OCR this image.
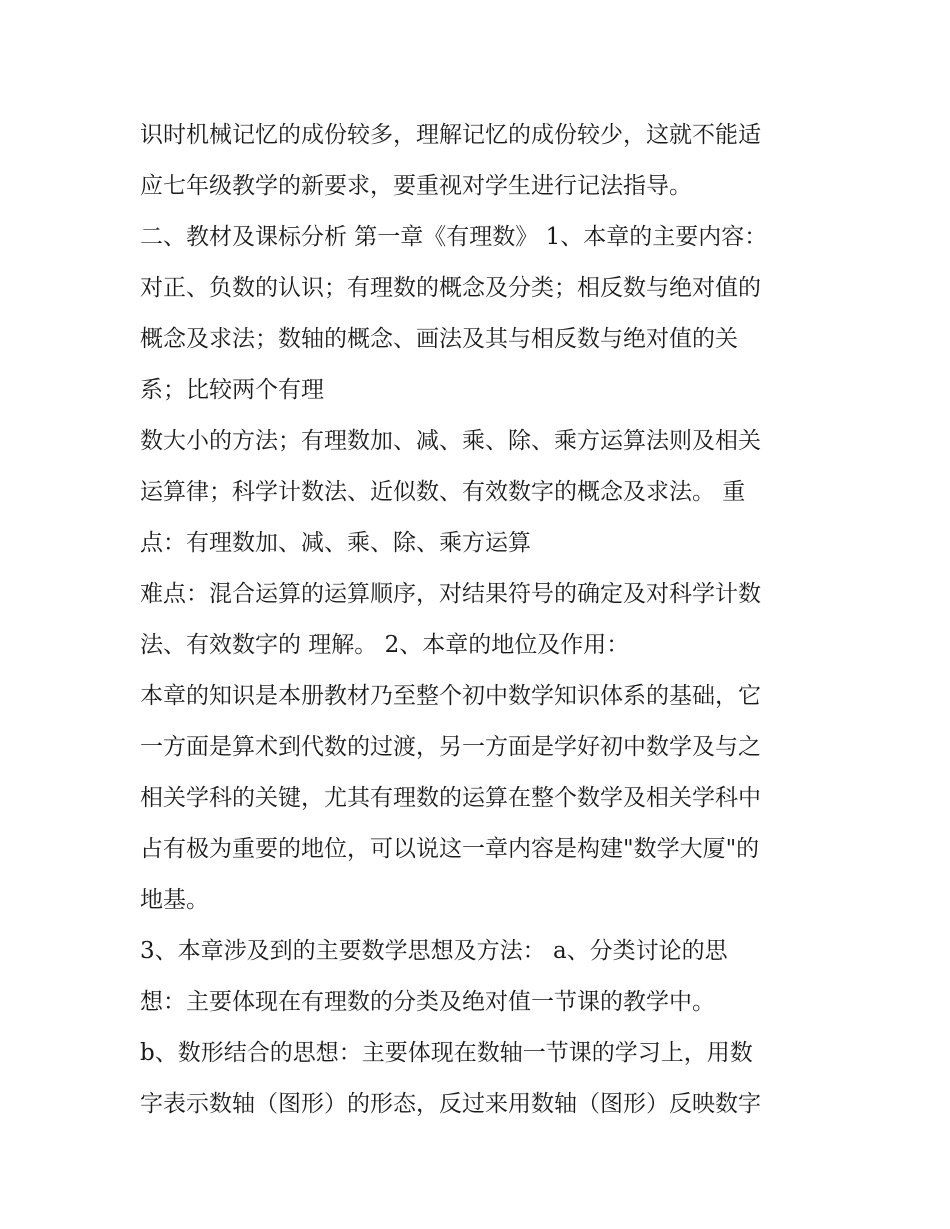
识时机械记忆的成份较多，理解记忆的成份较少，这就不能适
应七年级教学的新要求，要重视对学生进行记法指导。
二、教材及课标分析 第一章《有理数》 1、本章的主要内容：
对正、负数的认识；有理数的概念及分类；相反数与绝对值的
概念及求法；数轴的概念、画法及其与相反数与绝对值的关
系；比较两个有理
数大小的方法；有理数加、减、乘、除、乘方运算法则及相关
运算律；科学计数法、近似数、有效数字的概念及求法。 重
点：有理数加、减、乘、除、乘方运算
难点：混合运算的运算顺序，对结果符号的确定及对科学计数
法、有效数字的 理解。 2、本章的地位及作用：
本章的知识是本册教材乃至整个初中数学知识体系的基础，它
一方面是算术到代数的过渡，另一方面是学好初中数学及与之
相关学科的关键，尤其有理数的运算在整个数学及相关学科中
占有极为重要的地位，可以说这一章内容是构建"数学大厦"的
地基。
3、本章涉及到的主要数学思想及方法： a、分类讨论的思
想：主要体现在有理数的分类及绝对值一节课的教学中。
b、数形结合的思想：主要体现在数轴一节课的学习上，用数
字表示数轴（图形）的形态，反过来用数轴（图形）反映数字
